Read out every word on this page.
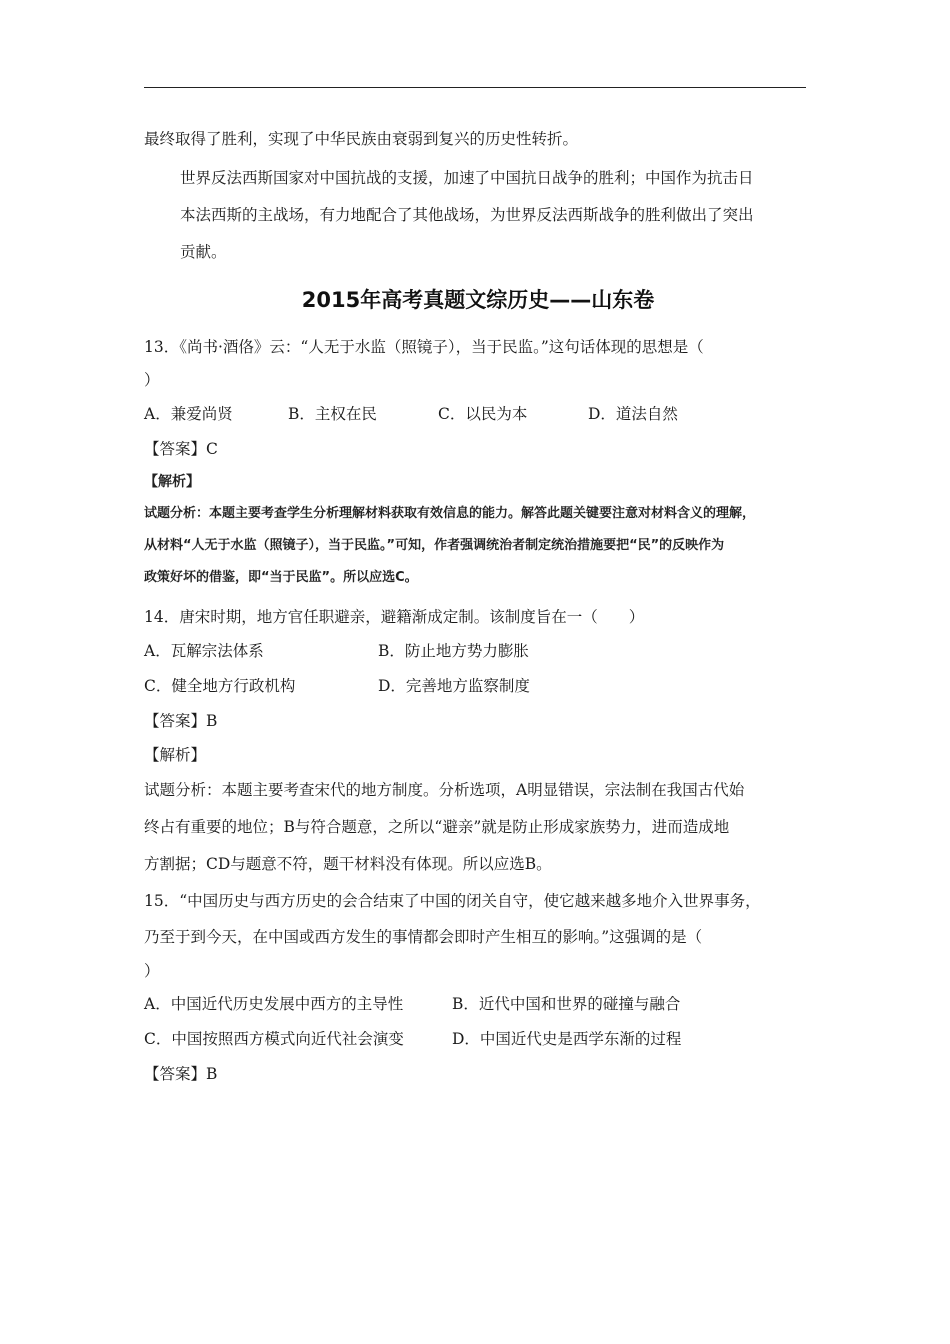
最终取得了胜利，实现了中华民族由衰弱到复兴的历史性转折。

世界反法西斯国家对中国抗战的支援，加速了中国抗日战争的胜利；中国作为抗击日

本法西斯的主战场，有力地配合了其他战场，为世界反法西斯战争的胜利做出了突出

贡献。

2015年高考真题文综历史——山东卷

13．《尚书·酒佫》云：“人无于水监（照镜子），当于民监。”这句话体现的思想是（

）

A．兼爱尚贤	B．主权在民	C．以民为本	D．道法自然

【答案】C

【解析】

试题分析：本题主要考查学生分析理解材料获取有效信息的能力。解答此题关键要注意对材料含义的理解，

从材料“人无于水监（照镜子），当于民监。”可知，作者强调统治者制定统治措施要把“民”的反映作为

政策好坏的借鉴，即“当于民监”。所以应选C。

14．唐宋时期，地方官任职避亲，避籍渐成定制。该制度旨在一（　　）

A．瓦解宗法体系	B．防止地方势力膨胀
C．健全地方行政机构	D．完善地方监察制度

【答案】B

【解析】

试题分析：本题主要考查宋代的地方制度。分析选项，A明显错误，宗法制在我国古代始

终占有重要的地位；B与符合题意，之所以“避亲”就是防止形成家族势力，进而造成地

方割据；CD与题意不符，题干材料没有体现。所以应选B。

15．“中国历史与西方历史的会合结束了中国的闭关自守，使它越来越多地介入世界事务，

乃至于到今天，在中国或西方发生的事情都会即时产生相互的影响。”这强调的是（

）

A．中国近代历史发展中西方的主导性	B．近代中国和世界的碰撞与融合
C．中国按照西方模式向近代社会演变	D．中国近代史是西学东渐的过程

【答案】B
